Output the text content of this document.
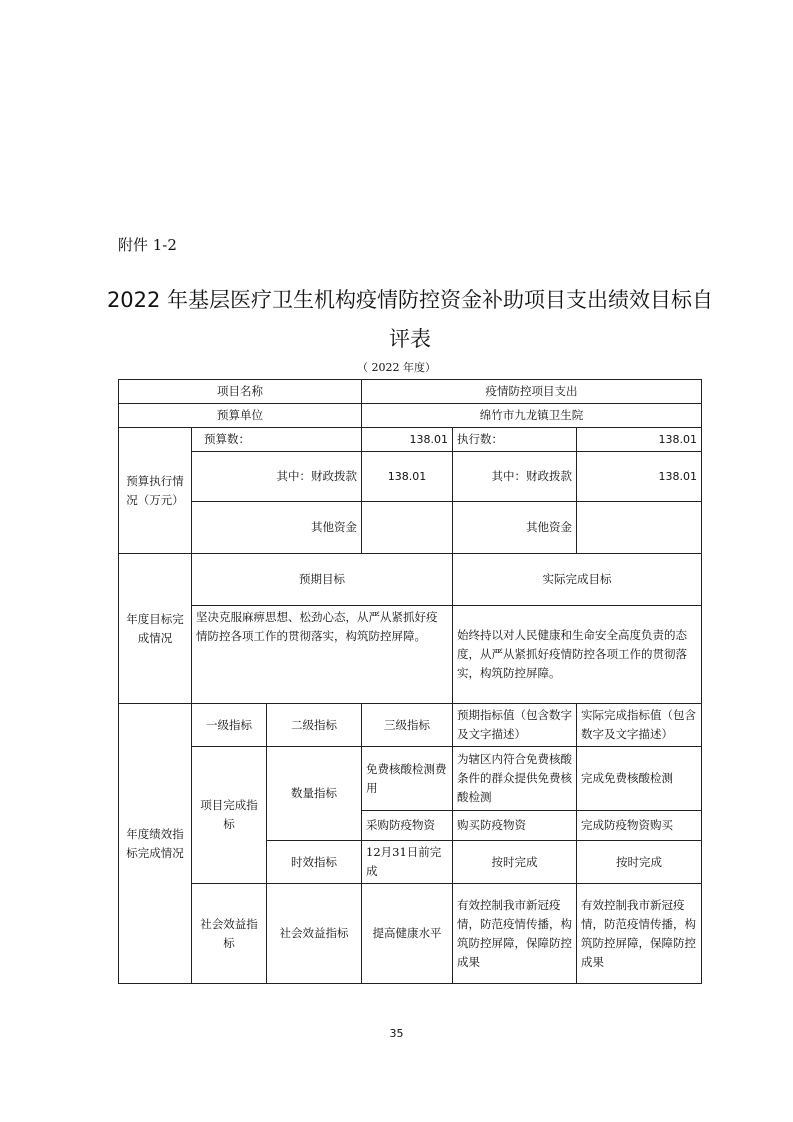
附件 1-2
2022 年基层医疗卫生机构疫情防控资金补助项目支出绩效目标自
评表
（ 2022 年度）
项目名称			疫情防控项目支出		
预算单位			绵竹市九龙镇卫生院		
预算执行情况（万元）	预算数：		138.01	执行数：	138.01
	其中：财政拨款		138.01	其中：财政拨款	138.01
	其他资金			其他资金	
年度目标完成情况	预期目标			实际完成目标	
	坚决克服麻痹思想、松劲心态，从严从紧抓好疫情防控各项工作的贯彻落实，构筑防控屏障。			始终持以对人民健康和生命安全高度负责的态度，从严从紧抓好疫情防控各项工作的贯彻落实，构筑防控屏障。	
年度绩效指标完成情况	一级指标	二级指标	三级指标	预期指标值（包含数字及文字描述）	实际完成指标值（包含数字及文字描述）
	项目完成指标	数量指标	免费核酸检测费用	为辖区内符合免费核酸条件的群众提供免费核酸检测	完成免费核酸检测
			采购防疫物资	购买防疫物资	完成防疫物资购买
		时效指标	12月31日前完成	按时完成	按时完成
	社会效益指标	社会效益指标	提高健康水平	有效控制我市新冠疫情，防范疫情传播，构筑防控屏障，保障防控成果	有效控制我市新冠疫情，防范疫情传播，构筑防控屏障，保障防控成果
35
